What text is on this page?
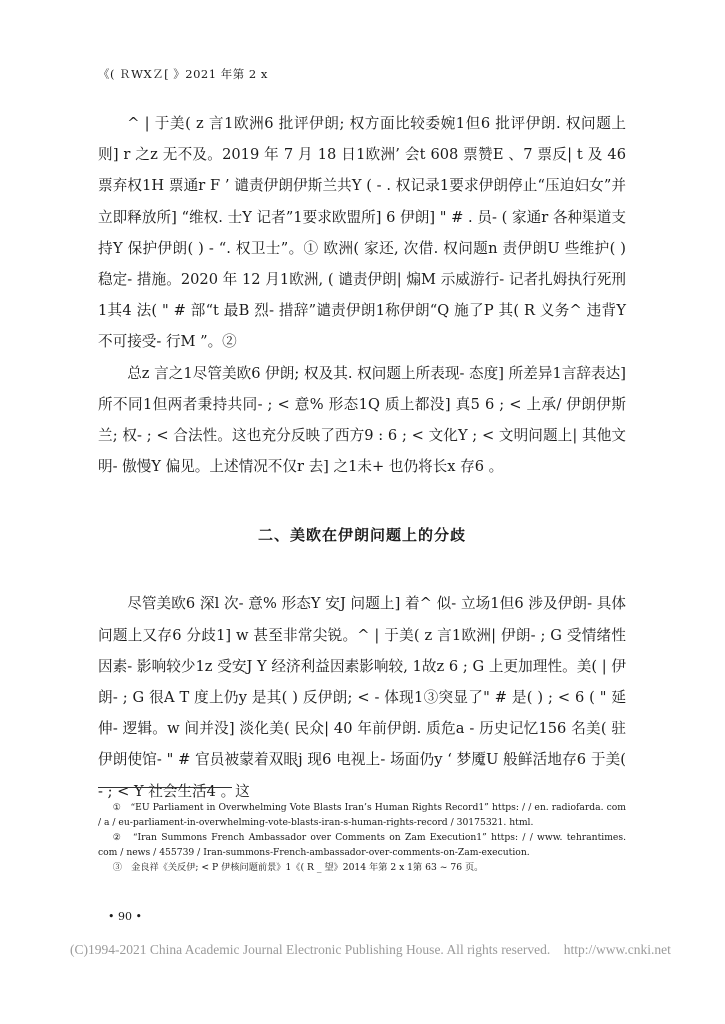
《( ＲWXＺ[ 》2021 年第 2 x

^ | 于美( z 言1欧洲6 批评伊朗; 权方面比较委婉1但6 批评伊朗. 权问题上则] r 之z 无不及。2019 年 7 月 18 日1欧洲’ 会t 608 票赞E 、7 票反| t 及 46 票弃权1H 票通r F ’ 谴责伊朗伊斯兰共Y ( - . 权记录1要求伊朗停止“压迫妇女”并立即释放所] “维权. 士Y 记者”1要求欧盟所] 6 伊朗] " # . 员- ( 家通r 各种渠道支持Y 保护伊朗( ) - “. 权卫士”。① 欧洲( 家还, 次借. 权问题n 责伊朗U 些维护( ) 稳定- 措施。2020 年 12 月1欧洲, ( 谴责伊朗| 煽M 示威游行- 记者扎姆执行死刑1其4 法( " # 部“t 最B 烈- 措辞”谴责伊朗1称伊朗“Q 施了P 其( R 义务^ 违背Y 不可接受- 行M ”。②

总z 言之1尽管美欧6 伊朗; 权及其. 权问题上所表现- 态度] 所差异1言辞表达] 所不同1但两者秉持共同- ; < 意% 形态1Q 质上都没] 真5 6 ; < 上承/ 伊朗伊斯兰; 权- ; < 合法性。这也充分反映了西方9 : 6 ; < 文化Y ; < 文明问题上| 其他文明- 傲慢Y 偏见。上述情况不仅r 去] 之1未+ 也仍将长x 存6 。

二、美欧在伊朗问题上的分歧

尽管美欧6 深l 次- 意% 形态Y 安J 问题上] 着^ 似- 立场1但6 涉及伊朗- 具体问题上又存6 分歧1] w 甚至非常尖锐。^ | 于美( z 言1欧洲| 伊朗- ; G 受情绪性因素- 影响较少1z 受安J Y 经济利益因素影响较, 1故z 6 ; G 上更加理性。美( | 伊朗- ; G 很A T 度上仍y 是其( ) 反伊朗; < - 体现1③突显了" # 是( ) ; < 6 ( " 延伸- 逻辑。w 间并没] 淡化美( 民众| 40 年前伊朗. 质危a - 历史记忆156 名美( 驻伊朗使馆- " # 官员被蒙着双眼j 现6 电视上- 场面仍y ‘ 梦魇U 般鲜活地存6 于美( - ; < Y 社会生活4 。这

①　“EU Parliament in Overwhelming Vote Blasts Iran’s Human Rights Record1” https: / / en. radiofarda. com / a / eu-parliament-in-overwhelming-vote-blasts-iran-s-human-rights-record / 30175321. html.

②　“Iran Summons French Ambassador over Comments on Zam Execution1” https: / / www. tehrantimes. com / news / 455739 / Iran-summons-French-ambassador-over-comments-on-Zam-execution.

③　金良祥《关反伊; < P 伊核问题前景》1《( R _ 望》2014 年第 2 x 1第 63 ~ 76 页。

• 90 •
(C)1994-2021 China Academic Journal Electronic Publishing House. All rights reserved.　http://www.cnki.net
